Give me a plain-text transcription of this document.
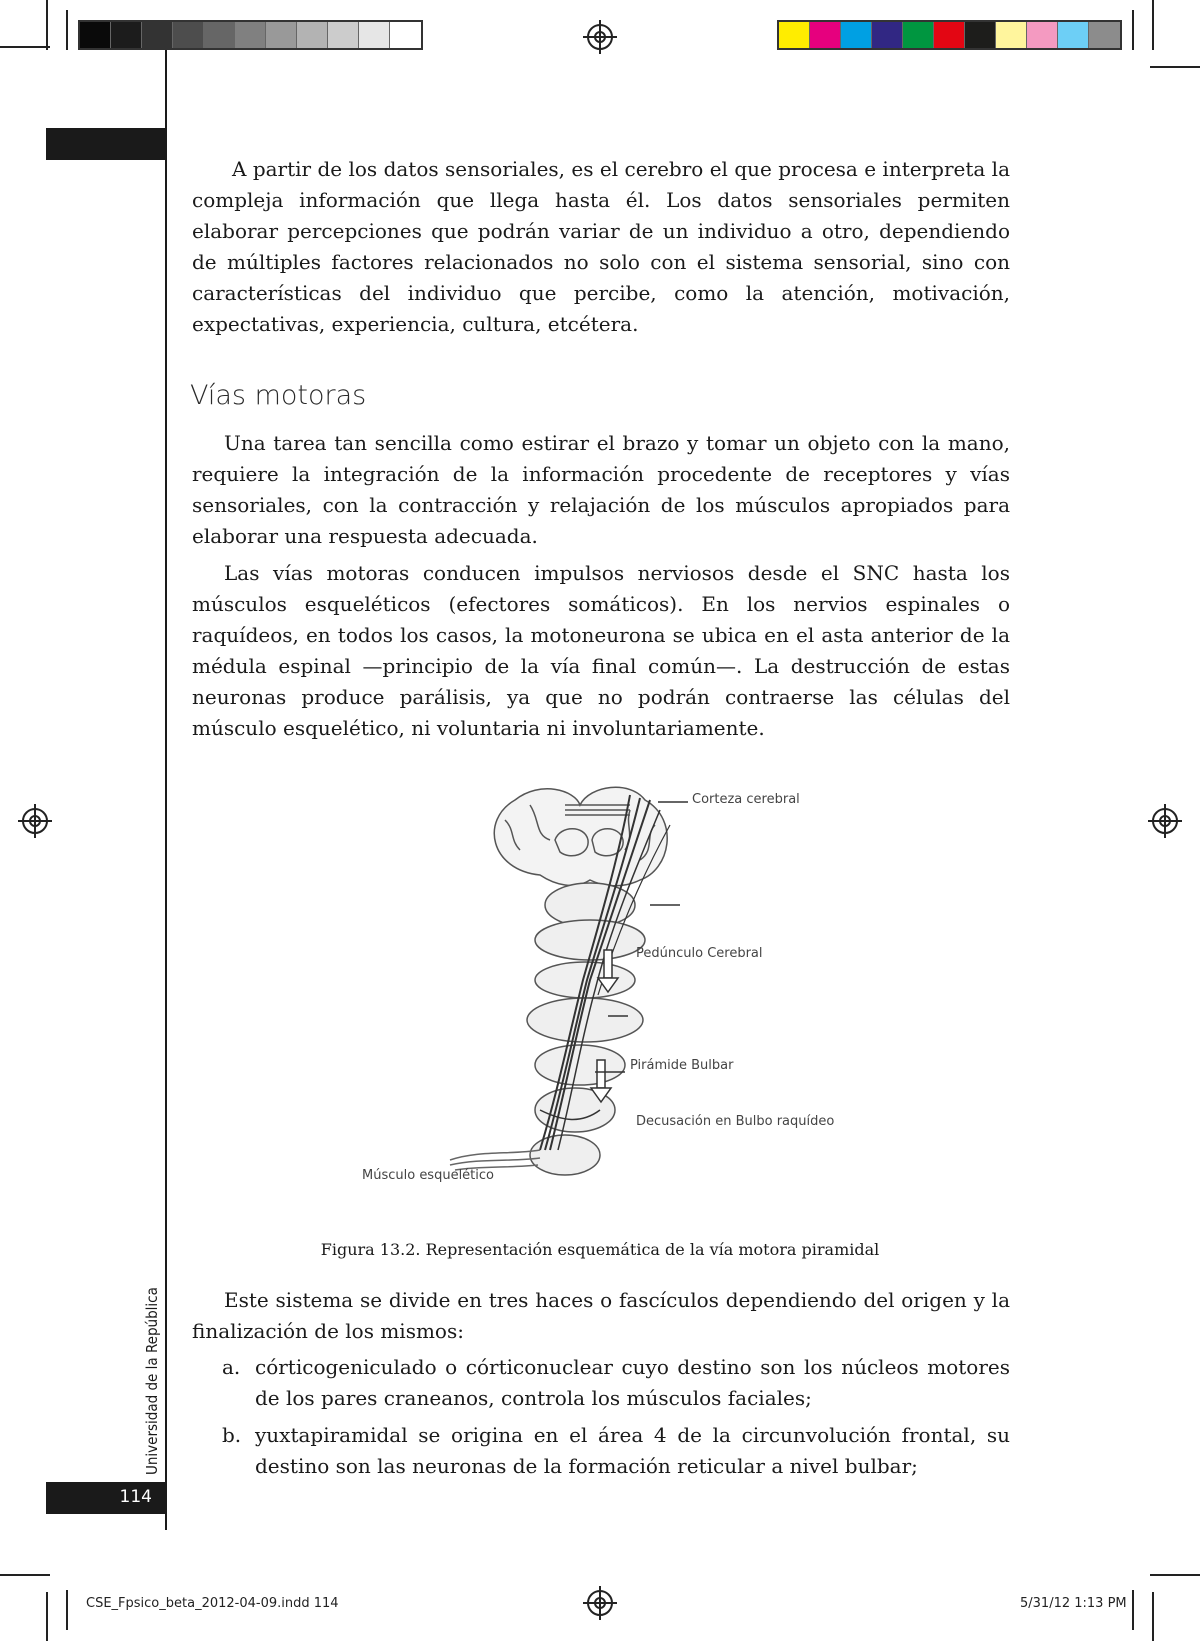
Universidad de la República
114

A partir de los datos sensoriales, es el cerebro el que procesa e interpreta la compleja información que llega hasta él. Los datos sensoriales permiten elaborar percepciones que podrán variar de un individuo a otro, dependiendo de múltiples factores relacionados no solo con el sistema sensorial, sino con características del individuo que percibe, como la atención, motivación, expectativas, experiencia, cultura, etcétera.

Vías motoras

Una tarea tan sencilla como estirar el brazo y tomar un objeto con la mano, requiere la integración de la información procedente de receptores y vías sensoriales, con la contracción y relajación de los músculos apropiados para elaborar una respuesta adecuada.

Las vías motoras conducen impulsos nerviosos desde el SNC hasta los músculos esqueléticos (efectores somáticos). En los nervios espinales o raquídeos, en todos los casos, la motoneurona se ubica en el asta anterior de la médula espinal —principio de la vía final común—. La destrucción de estas neuronas produce parálisis, ya que no podrán contraerse las células del músculo esquelético, ni voluntaria ni involuntariamente.

Corteza cerebral
Pedúnculo Cerebral
Pirámide Bulbar
Decusación en Bulbo raquídeo
Músculo esquelético
Figura 13.2. Representación esquemática de la vía motora piramidal

Este sistema se divide en tres haces o fascículos dependiendo del origen y la finalización de los mismos:

a. córticogeniculado o córticonuclear cuyo destino son los núcleos motores de los pares craneanos, controla los músculos faciales;
b. yuxtapiramidal se origina en el área 4 de la circunvolución frontal, su destino son las neuronas de la formación reticular a nivel bulbar;
CSE_Fpsico_beta_2012-04-09.indd 114	5/31/12 1:13 PM
